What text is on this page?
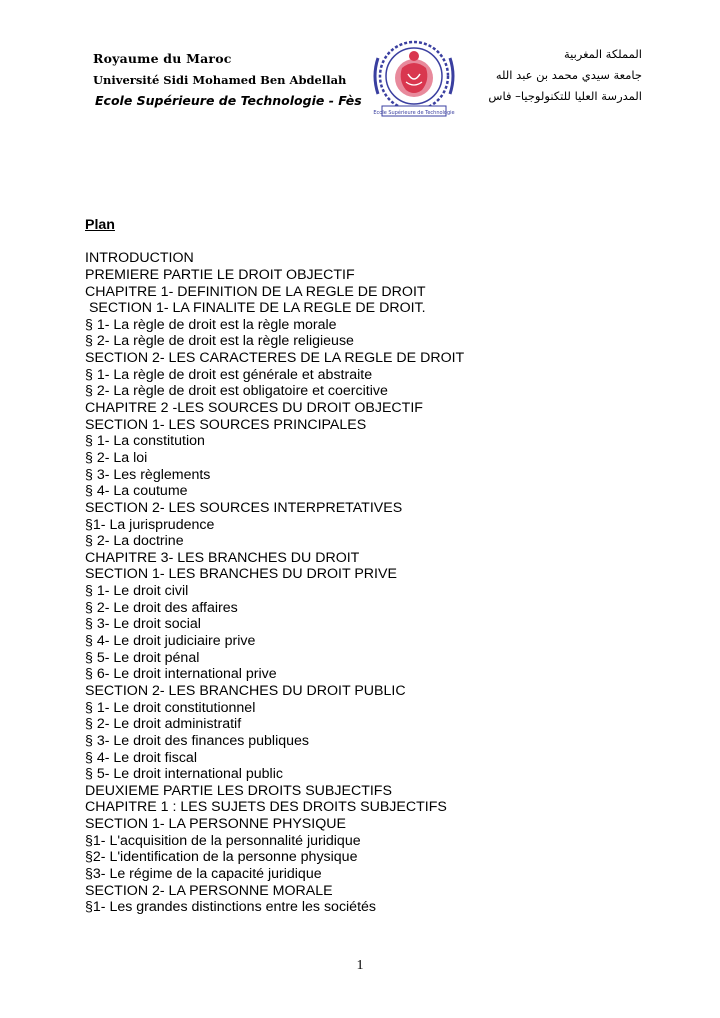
Royaume du Maroc
Université Sidi Mohamed Ben Abdellah
Ecole Supérieure de Technologie - Fès
Ecole Supérieure de Technologie
المملكة المغربية
جامعة سيدي محمد بن عبد الله
المدرسة العليا للتكنولوجيا– فاس
Plan
INTRODUCTION
PREMIERE PARTIE LE DROIT OBJECTIF
CHAPITRE 1- DEFINITION DE LA REGLE DE DROIT
SECTION 1- LA FINALITE DE LA REGLE DE DROIT.
§ 1- La règle de droit est la règle morale
§ 2- La règle de droit est la règle religieuse
SECTION 2- LES CARACTERES DE LA REGLE DE DROIT
§ 1- La règle de droit est générale et abstraite
§ 2- La règle de droit est obligatoire et coercitive
CHAPITRE 2 -LES SOURCES DU DROIT OBJECTIF
SECTION 1- LES SOURCES PRINCIPALES
§ 1- La constitution
§ 2- La loi
§ 3- Les règlements
§ 4- La coutume
SECTION 2- LES SOURCES INTERPRETATIVES
§1- La jurisprudence
§ 2- La doctrine
CHAPITRE 3- LES BRANCHES DU DROIT
SECTION 1- LES BRANCHES DU DROIT PRIVE
§ 1- Le droit civil
§ 2- Le droit des affaires
§ 3- Le droit social
§ 4- Le droit judiciaire prive
§ 5- Le droit pénal
§ 6- Le droit international prive
SECTION 2- LES BRANCHES DU DROIT PUBLIC
§ 1- Le droit constitutionnel
§ 2- Le droit administratif
§ 3- Le droit des finances publiques
§ 4- Le droit fiscal
§ 5- Le droit international public
DEUXIEME PARTIE LES DROITS SUBJECTIFS
CHAPITRE 1 : LES SUJETS DES DROITS SUBJECTIFS
SECTION 1- LA PERSONNE PHYSIQUE
§1- L'acquisition de la personnalité juridique
§2- L'identification de la personne physique
§3- Le régime de la capacité juridique
SECTION 2- LA PERSONNE MORALE
§1- Les grandes distinctions entre les sociétés
1
